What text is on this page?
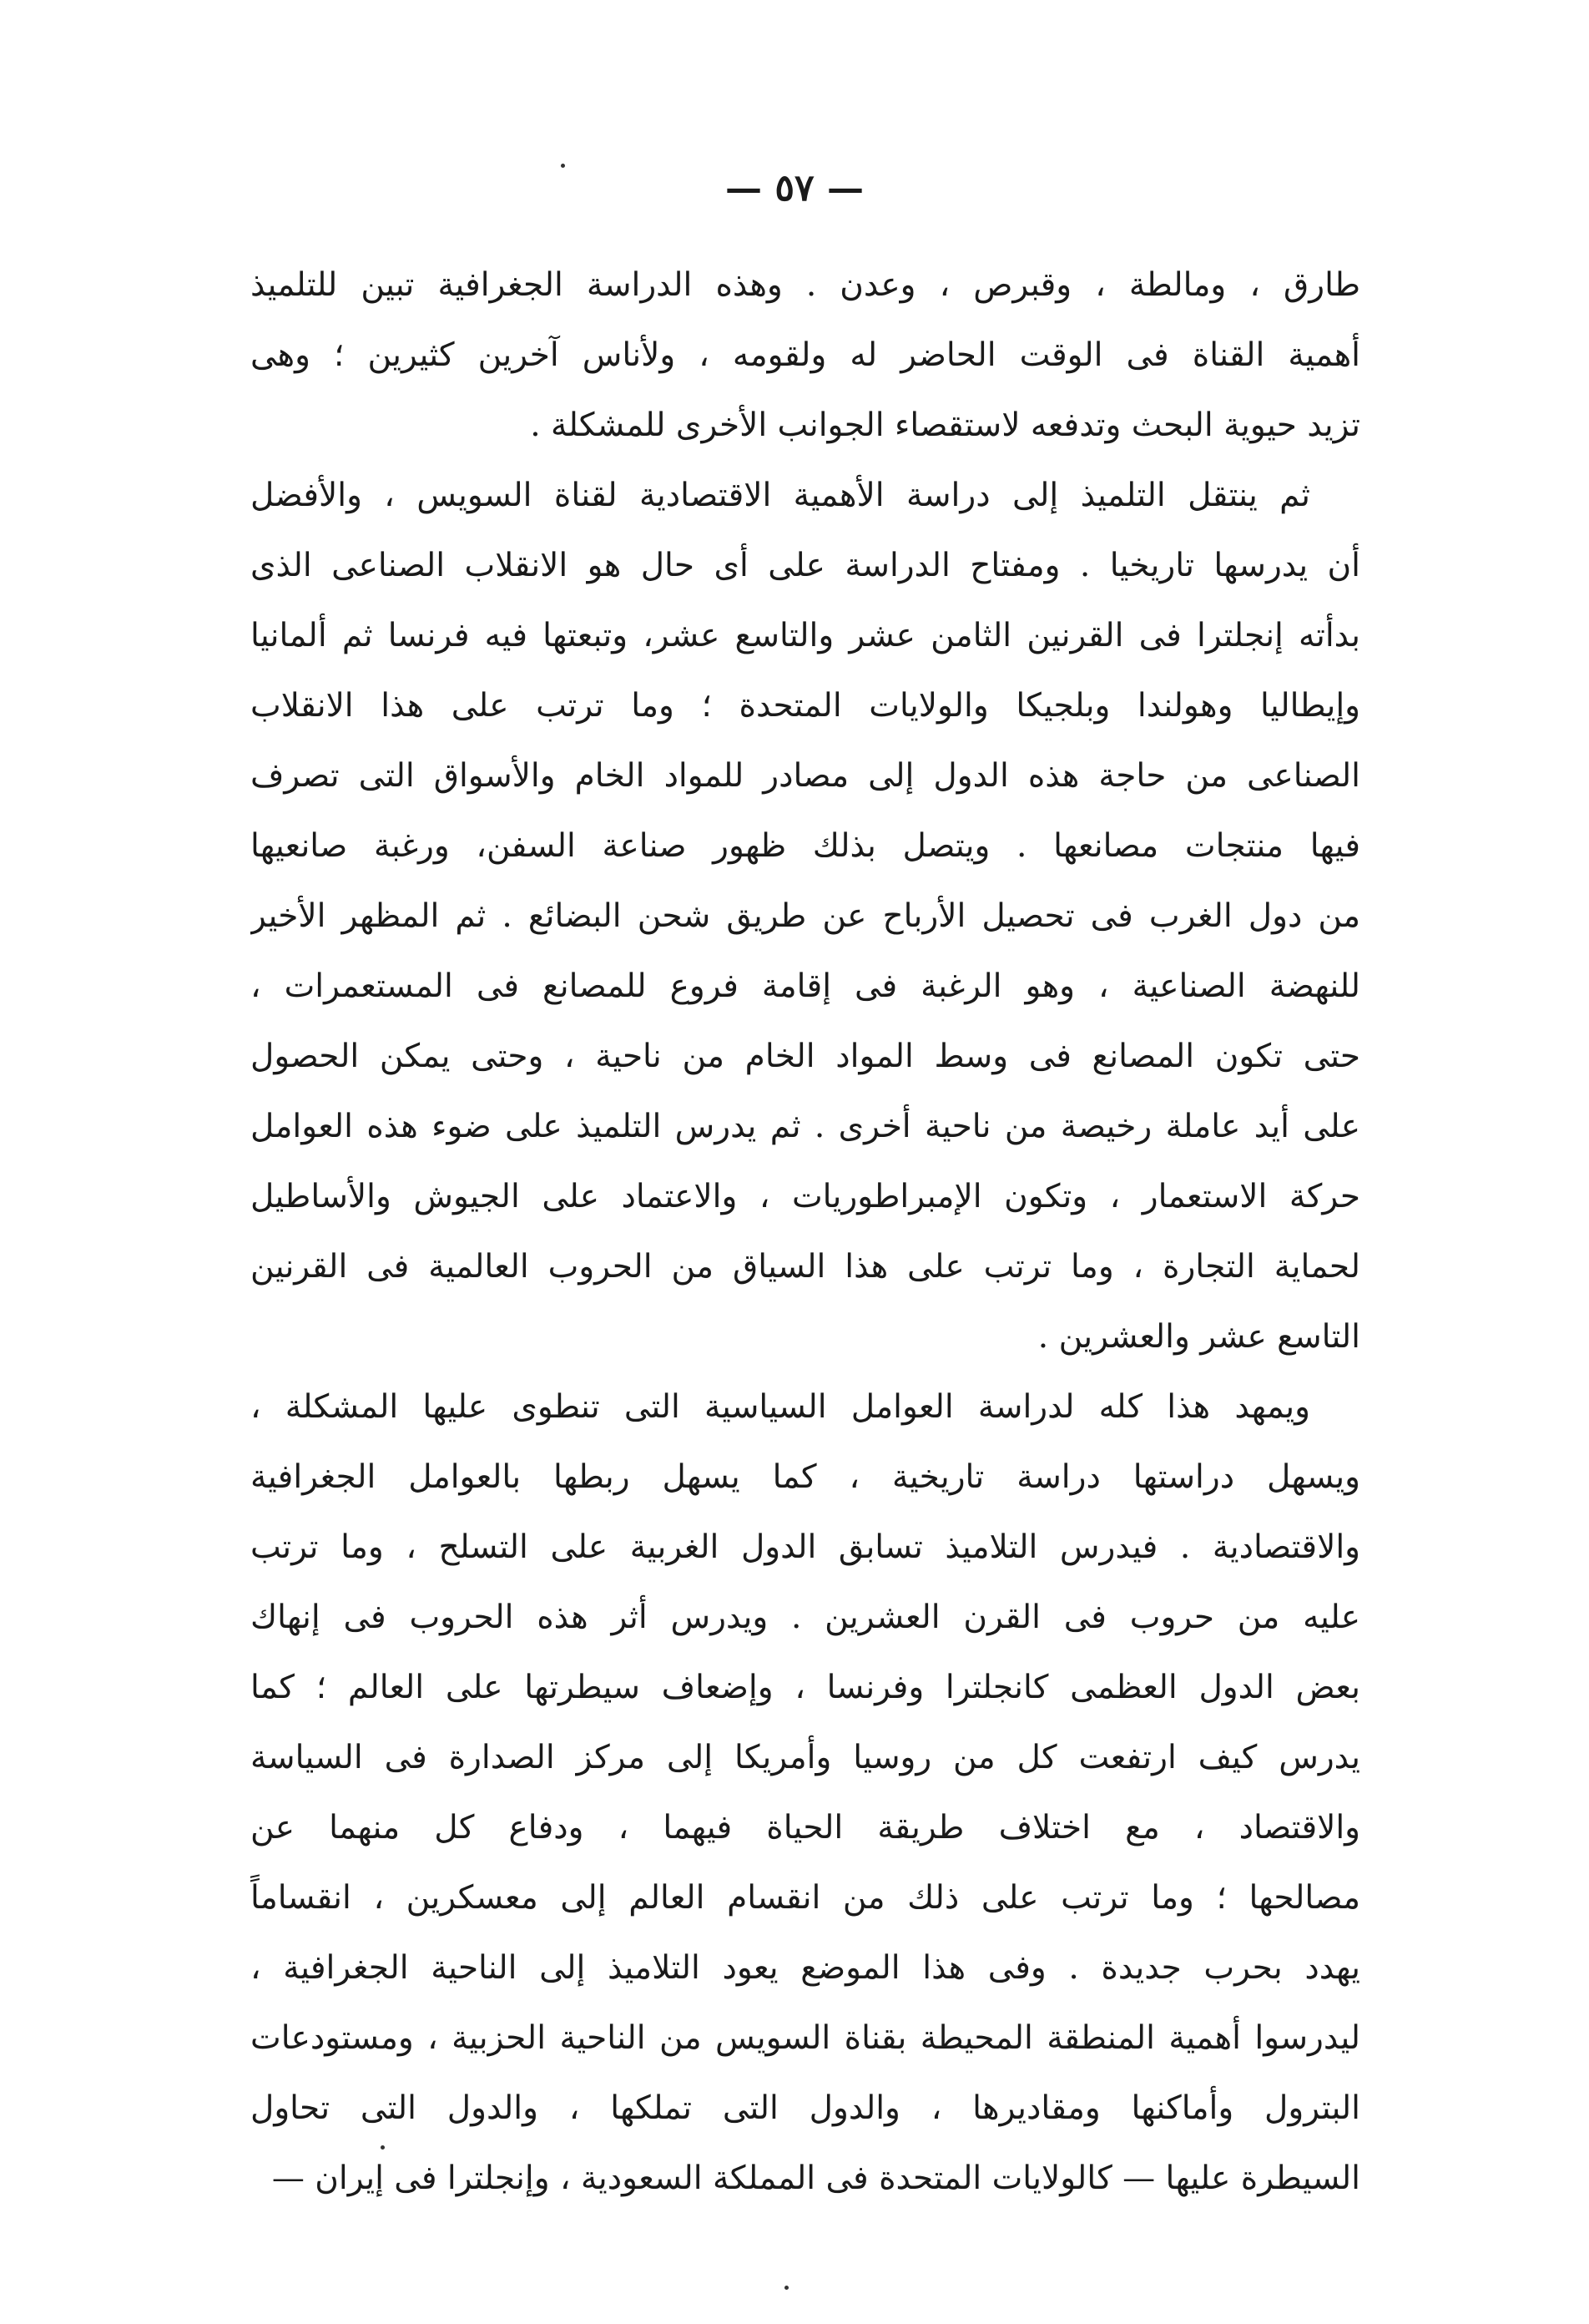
— ٥٧ —
طارق ، ومالطة ، وقبرص ، وعدن . وهذه الدراسة الجغرافية تبين للتلميذ
أهمية القناة فى الوقت الحاضر له ولقومه ، ولأناس آخرين كثيرين ؛ وهى
تزيد حيوية البحث وتدفعه لاستقصاء الجوانب الأخرى للمشكلة .
ثم ينتقل التلميذ إلى دراسة الأهمية الاقتصادية لقناة السويس ، والأفضل
أن يدرسها تاريخيا . ومفتاح الدراسة على أى حال هو الانقلاب الصناعى الذى
بدأته إنجلترا فى القرنين الثامن عشر والتاسع عشر، وتبعتها فيه فرنسا ثم ألمانيا
وإيطاليا وهولندا وبلجيكا والولايات المتحدة ؛ وما ترتب على هذا الانقلاب
الصناعى من حاجة هذه الدول إلى مصادر للمواد الخام والأسواق التى تصرف
فيها منتجات مصانعها . ويتصل بذلك ظهور صناعة السفن، ورغبة صانعيها
من دول الغرب فى تحصيل الأرباح عن طريق شحن البضائع . ثم المظهر الأخير
للنهضة الصناعية ، وهو الرغبة فى إقامة فروع للمصانع فى المستعمرات ،
حتى تكون المصانع فى وسط المواد الخام من ناحية ، وحتى يمكن الحصول
على أيد عاملة رخيصة من ناحية أخرى . ثم يدرس التلميذ على ضوء هذه العوامل
حركة الاستعمار ، وتكون الإمبراطوريات ، والاعتماد على الجيوش والأساطيل
لحماية التجارة ، وما ترتب على هذا السياق من الحروب العالمية فى القرنين
التاسع عشر والعشرين .
ويمهد هذا كله لدراسة العوامل السياسية التى تنطوى عليها المشكلة ،
ويسهل دراستها دراسة تاريخية ، كما يسهل ربطها بالعوامل الجغرافية
والاقتصادية . فيدرس التلاميذ تسابق الدول الغربية على التسلح ، وما ترتب
عليه من حروب فى القرن العشرين . ويدرس أثر هذه الحروب فى إنهاك
بعض الدول العظمى كانجلترا وفرنسا ، وإضعاف سيطرتها على العالم ؛ كما
يدرس كيف ارتفعت كل من روسيا وأمريكا إلى مركز الصدارة فى السياسة
والاقتصاد ، مع اختلاف طريقة الحياة فيهما ، ودفاع كل منهما عن
مصالحها ؛ وما ترتب على ذلك من انقسام العالم إلى معسكرين ، انقساماً
يهدد بحرب جديدة . وفى هذا الموضع يعود التلاميذ إلى الناحية الجغرافية ،
ليدرسوا أهمية المنطقة المحيطة بقناة السويس من الناحية الحزبية ، ومستودعات
البترول وأماكنها ومقاديرها ، والدول التى تملكها ، والدول التى تحاول
السيطرة عليها — كالولايات المتحدة فى المملكة السعودية ، وإنجلترا فى إيران —
